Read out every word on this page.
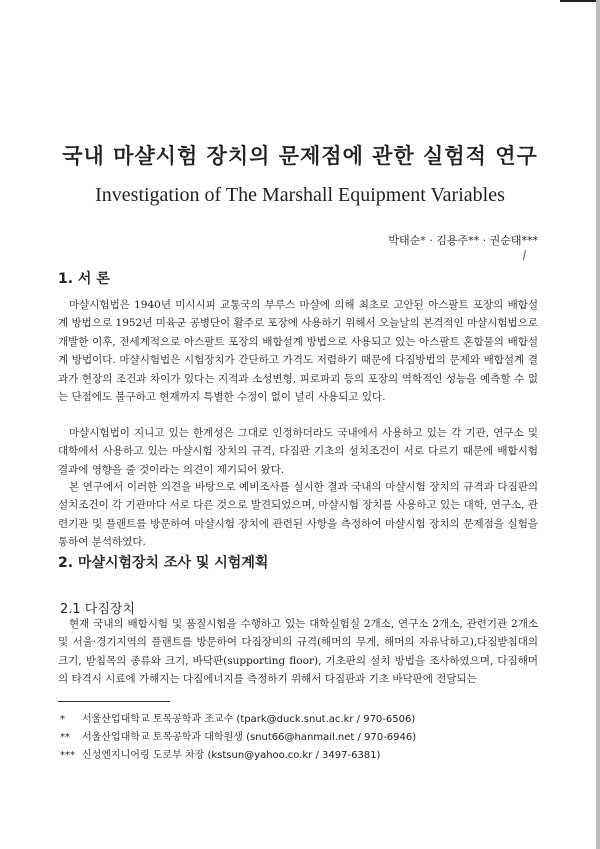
국내 마샬시험 장치의 문제점에 관한 실험적 연구
Investigation of The Marshall Equipment Variables
박태순* · 김용주** · 권순태***
1. 서 론

마샬시험법은 1940년 미시시피 교통국의 부루스 마샬에 의해 최초로 고안된 아스팔트 포장의 배합설계 방법으로 1952년 미육군 공병단이 활주로 포장에 사용하기 위해서 오늘날의 본격적인 마샬시험법으로 개발한 이후, 전세계적으로 아스팔트 포장의 배합설계 방법으로 사용되고 있는 아스팔트 혼합물의 배합설계 방법이다. 마샬시험법은 시험장치가 간단하고 가격도 저렴하기 때문에 다짐방법의 문제와 배합설계 결과가 현장의 조건과 차이가 있다는 지적과 소성변형, 피로파괴 등의 포장의 역학적인 성능을 예측할 수 없는 단점에도 불구하고 현재까지 특별한 수정이 없이 널리 사용되고 있다.

마샬시험법이 지니고 있는 한계성은 그대로 인정하더라도 국내에서 사용하고 있는 각 기관, 연구소 및 대학에서 사용하고 있는 마샬시험 장치의 규격, 다짐판 기초의 설치조건이 서로 다르기 때문에 배합시험 결과에 영향을 줄 것이라는 의견이 제기되어 왔다.

본 연구에서 이러한 의견을 바탕으로 예비조사를 실시한 결과 국내의 마샬시험 장치의 규격과 다짐판의 설치조건이 각 기관마다 서로 다른 것으로 발견되었으며, 마샬시험 장치를 사용하고 있는 대학, 연구소, 관련기관 및 플랜트를 방문하여 마샬시험 장치에 관련된 사항을 측정하여 마샬시험 장치의 문제점을 실험을 통하여 분석하였다.

2. 마샬시험장치 조사 및 시험계획
2.1 다짐장치

현재 국내의 배합시험 및 품질시험을 수행하고 있는 대학실험실 2개소, 연구소 2개소, 관련기관 2개소 및 서울·경기지역의 플랜트를 방문하여 다짐장비의 규격(해머의 무게, 해머의 자유낙하고),다짐받침대의 크기, 받침목의 종류와 크기, 바닥판(supporting floor), 기초판의 설치 방법을 조사하였으며, 다짐해머의 타격시 시료에 가해지는 다짐에너지를 측정하기 위해서 다짐판과 기초 바닥판에 전달되는

* 서울산업대학교 토목공학과 조교수 (tpark@duck.snut.ac.kr / 970-6506)
** 서울산업대학교 토목공학과 대학원생 (snut66@hanmail.net / 970-6946)
*** 신성엔지니어링 도로부 차장 (kstsun@yahoo.co.kr / 3497-6381)
